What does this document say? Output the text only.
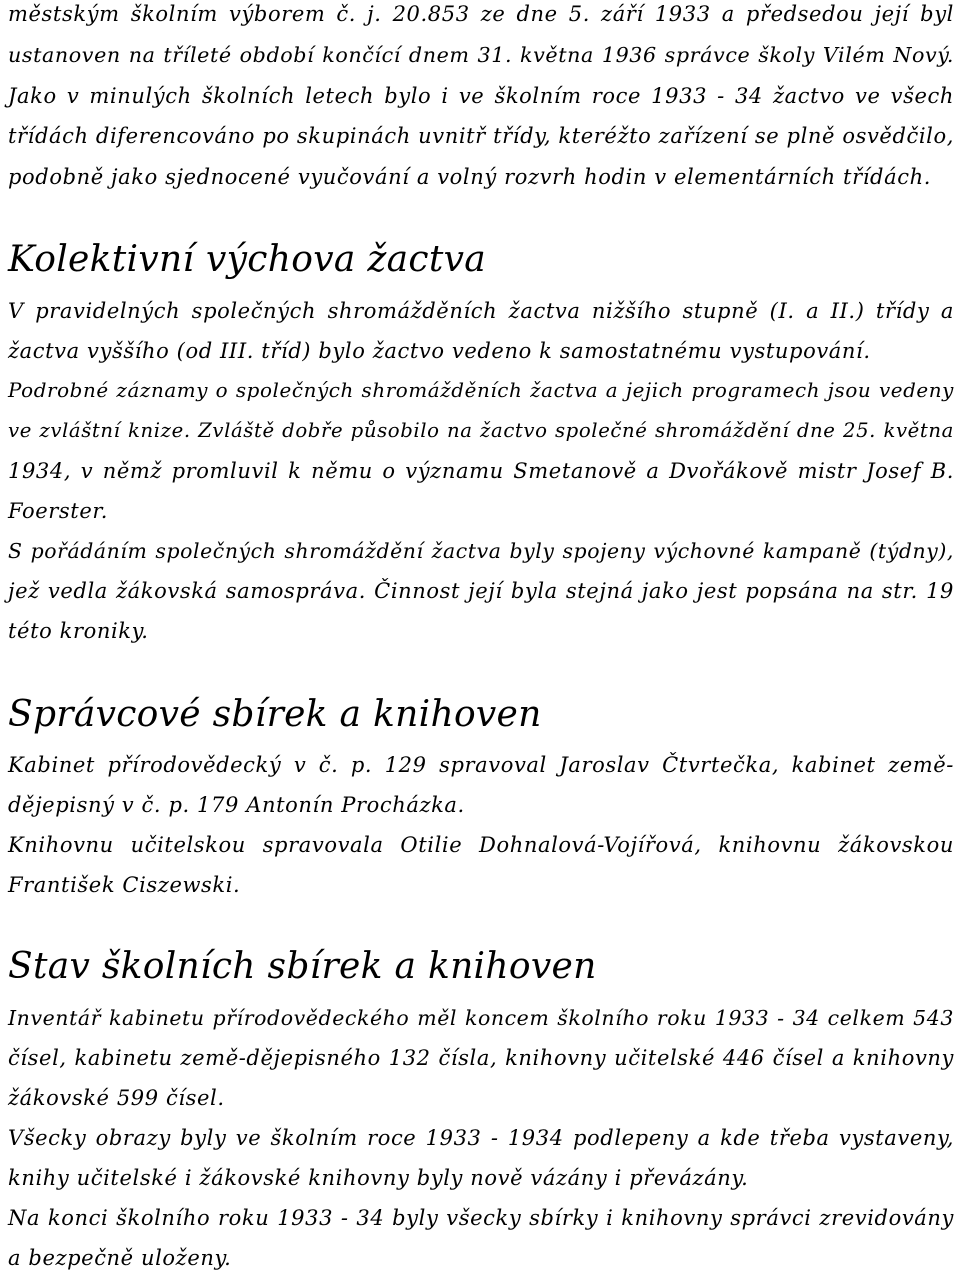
městským školním výborem č. j. 20.853 ze dne 5. září 1933 a předsedou její byl
ustanoven na tříleté období končící dnem 31. května 1936 správce školy Vilém Nový.
Jako v minulých školních letech bylo i ve školním roce 1933 - 34 žactvo ve všech
třídách diferencováno po skupinách uvnitř třídy, kteréžto zařízení se plně osvědčilo,
podobně jako sjednocené vyučování a volný rozvrh hodin v elementárních třídách.
Kolektivní výchova žactva
V pravidelných společných shromážděních žactva nižšího stupně (I. a II.) třídy a
žactva vyššího (od III. tříd) bylo žactvo vedeno k samostatnému vystupování.
Podrobné záznamy o společných shromážděních žactva a jejich programech jsou vedeny
ve zvláštní knize. Zvláště dobře působilo na žactvo společné shromáždění dne 25. května
1934, v němž promluvil k němu o významu Smetanově a Dvořákově mistr Josef B.
Foerster.
S pořádáním společných shromáždění žactva byly spojeny výchovné kampaně (týdny),
jež vedla žákovská samospráva. Činnost její byla stejná jako jest popsána na str. 19
této kroniky.
Správcové sbírek a knihoven
Kabinet přírodovědecký v č. p. 129 spravoval Jaroslav Čtvrtečka, kabinet země-
dějepisný v č. p. 179 Antonín Procházka.
Knihovnu učitelskou spravovala Otilie Dohnalová-Vojířová, knihovnu žákovskou
František Ciszewski.
Stav školních sbírek a knihoven
Inventář kabinetu přírodovědeckého měl koncem školního roku 1933 - 34 celkem 543
čísel, kabinetu země-dějepisného 132 čísla, knihovny učitelské 446 čísel a knihovny
žákovské 599 čísel.
Všecky obrazy byly ve školním roce 1933 - 1934 podlepeny a kde třeba vystaveny,
knihy učitelské i žákovské knihovny byly nově vázány i převázány.
Na konci školního roku 1933 - 34 byly všecky sbírky i knihovny správci zrevidovány
a bezpečně uloženy.
